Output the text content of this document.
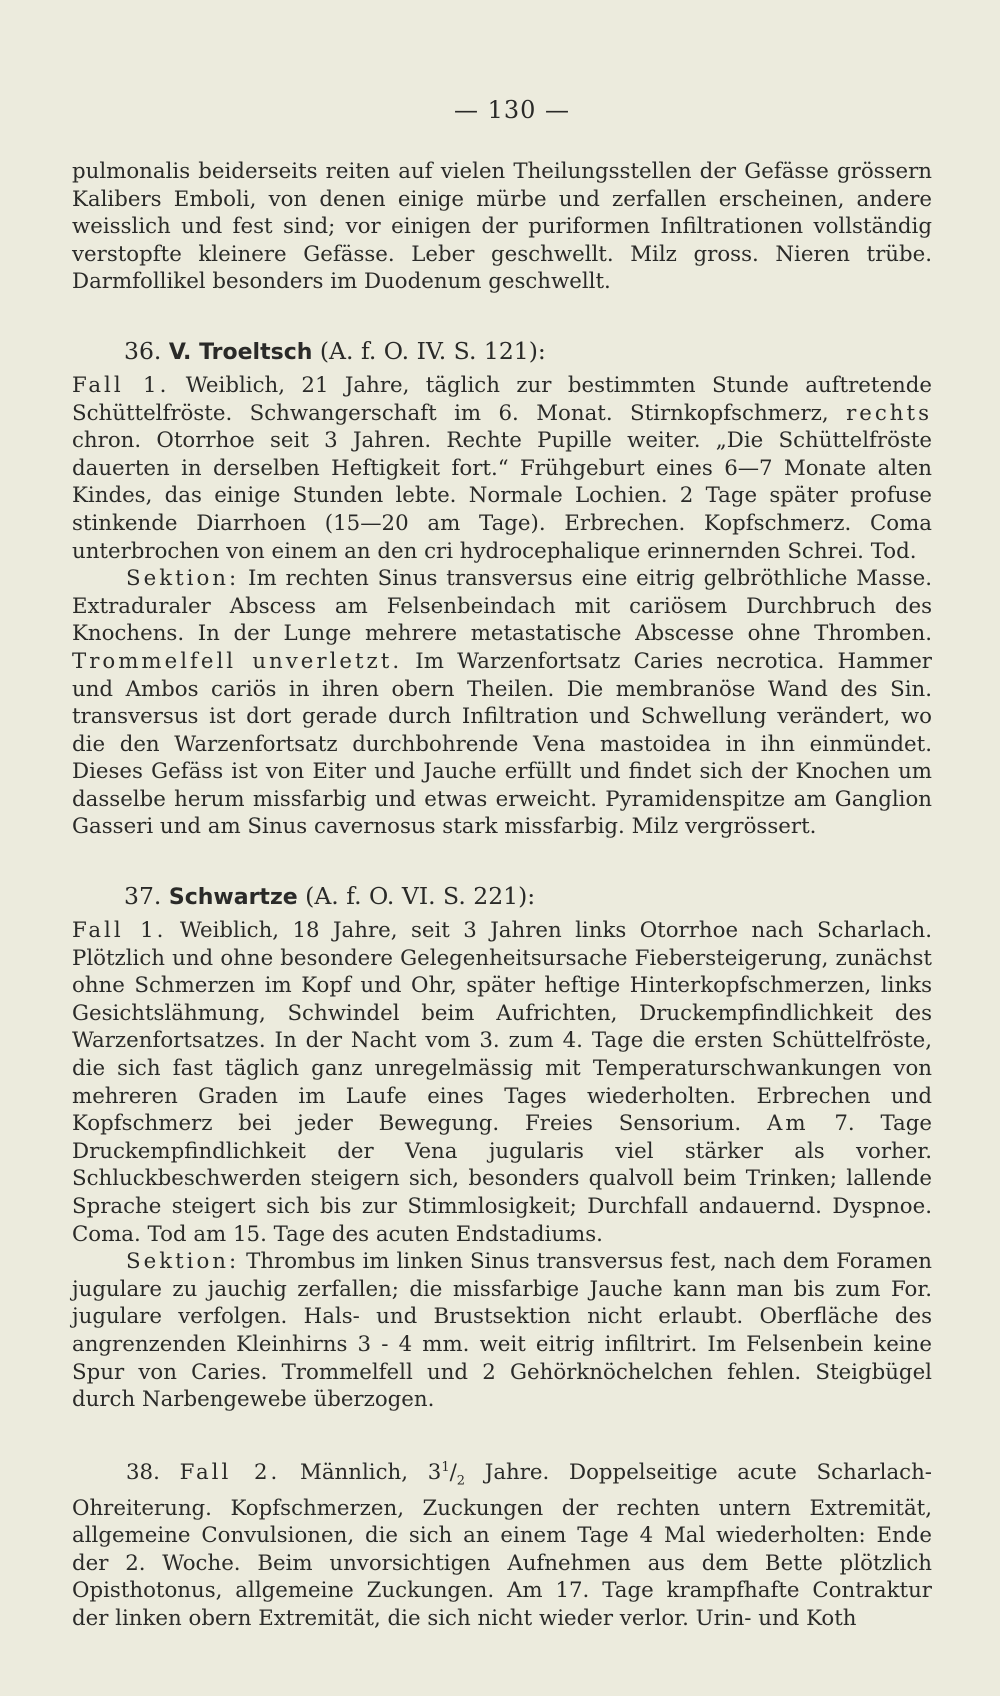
— 130 —

pulmonalis beiderseits reiten auf vielen Theilungsstellen der Gefässe grössern Kalibers Emboli, von denen einige mürbe und zerfallen erscheinen, andere weisslich und fest sind; vor einigen der puriformen Infiltrationen vollständig verstopfte kleinere Gefässe. Leber geschwellt. Milz gross. Nieren trübe. Darmfollikel besonders im Duodenum geschwellt.

36. V. Troeltsch (A. f. O. IV. S. 121):

Fall 1. Weiblich, 21 Jahre, täglich zur bestimmten Stunde auftretende Schüttelfröste. Schwangerschaft im 6. Monat. Stirnkopfschmerz, rechts chron. Otorrhoe seit 3 Jahren. Rechte Pupille weiter. „Die Schüttelfröste dauerten in derselben Heftigkeit fort.“ Frühgeburt eines 6—7 Monate alten Kindes, das einige Stunden lebte. Normale Lochien. 2 Tage später profuse stinkende Diarrhoen (15—20 am Tage). Erbrechen. Kopfschmerz. Coma unterbrochen von einem an den cri hydrocephalique erinnernden Schrei. Tod.

Sektion: Im rechten Sinus transversus eine eitrig gelbröthliche Masse. Extraduraler Abscess am Felsenbeindach mit cariösem Durchbruch des Knochens. In der Lunge mehrere metastatische Abscesse ohne Thromben. Trommelfell unverletzt. Im Warzenfortsatz Caries necrotica. Hammer und Ambos cariös in ihren obern Theilen. Die membranöse Wand des Sin. transversus ist dort gerade durch Infiltration und Schwellung verändert, wo die den Warzenfortsatz durchbohrende Vena mastoidea in ihn einmündet. Dieses Gefäss ist von Eiter und Jauche erfüllt und findet sich der Knochen um dasselbe herum missfarbig und etwas erweicht. Pyramidenspitze am Ganglion Gasseri und am Sinus cavernosus stark missfarbig. Milz vergrössert.

37. Schwartze (A. f. O. VI. S. 221):

Fall 1. Weiblich, 18 Jahre, seit 3 Jahren links Otorrhoe nach Scharlach. Plötzlich und ohne besondere Gelegenheitsursache Fiebersteigerung, zunächst ohne Schmerzen im Kopf und Ohr, später heftige Hinterkopfschmerzen, links Gesichtslähmung, Schwindel beim Aufrichten, Druckempfindlichkeit des Warzenfortsatzes. In der Nacht vom 3. zum 4. Tage die ersten Schüttelfröste, die sich fast täglich ganz unregelmässig mit Temperaturschwankungen von mehreren Graden im Laufe eines Tages wiederholten. Erbrechen und Kopfschmerz bei jeder Bewegung. Freies Sensorium. Am 7. Tage Druckempfindlichkeit der Vena jugularis viel stärker als vorher. Schluckbeschwerden steigern sich, besonders qualvoll beim Trinken; lallende Sprache steigert sich bis zur Stimmlosigkeit; Durchfall andauernd. Dyspnoe. Coma. Tod am 15. Tage des acuten Endstadiums.

Sektion: Thrombus im linken Sinus transversus fest, nach dem Foramen jugulare zu jauchig zerfallen; die missfarbige Jauche kann man bis zum For. jugulare verfolgen. Hals- und Brustsektion nicht erlaubt. Oberfläche des angrenzenden Kleinhirns 3 - 4 mm. weit eitrig infiltrirt. Im Felsenbein keine Spur von Caries. Trommelfell und 2 Gehörknöchelchen fehlen. Steigbügel durch Narbengewebe überzogen.

38. Fall 2. Männlich, $3^1/_2$ Jahre. Doppelseitige acute Scharlach-Ohreiterung. Kopfschmerzen, Zuckungen der rechten untern Extremität, allgemeine Convulsionen, die sich an einem Tage 4 Mal wiederholten: Ende der 2. Woche. Beim unvorsichtigen Aufnehmen aus dem Bette plötzlich Opisthotonus, allgemeine Zuckungen. Am 17. Tage krampfhafte Contraktur der linken obern Extremität, die sich nicht wieder verlor. Urin- und Koth
